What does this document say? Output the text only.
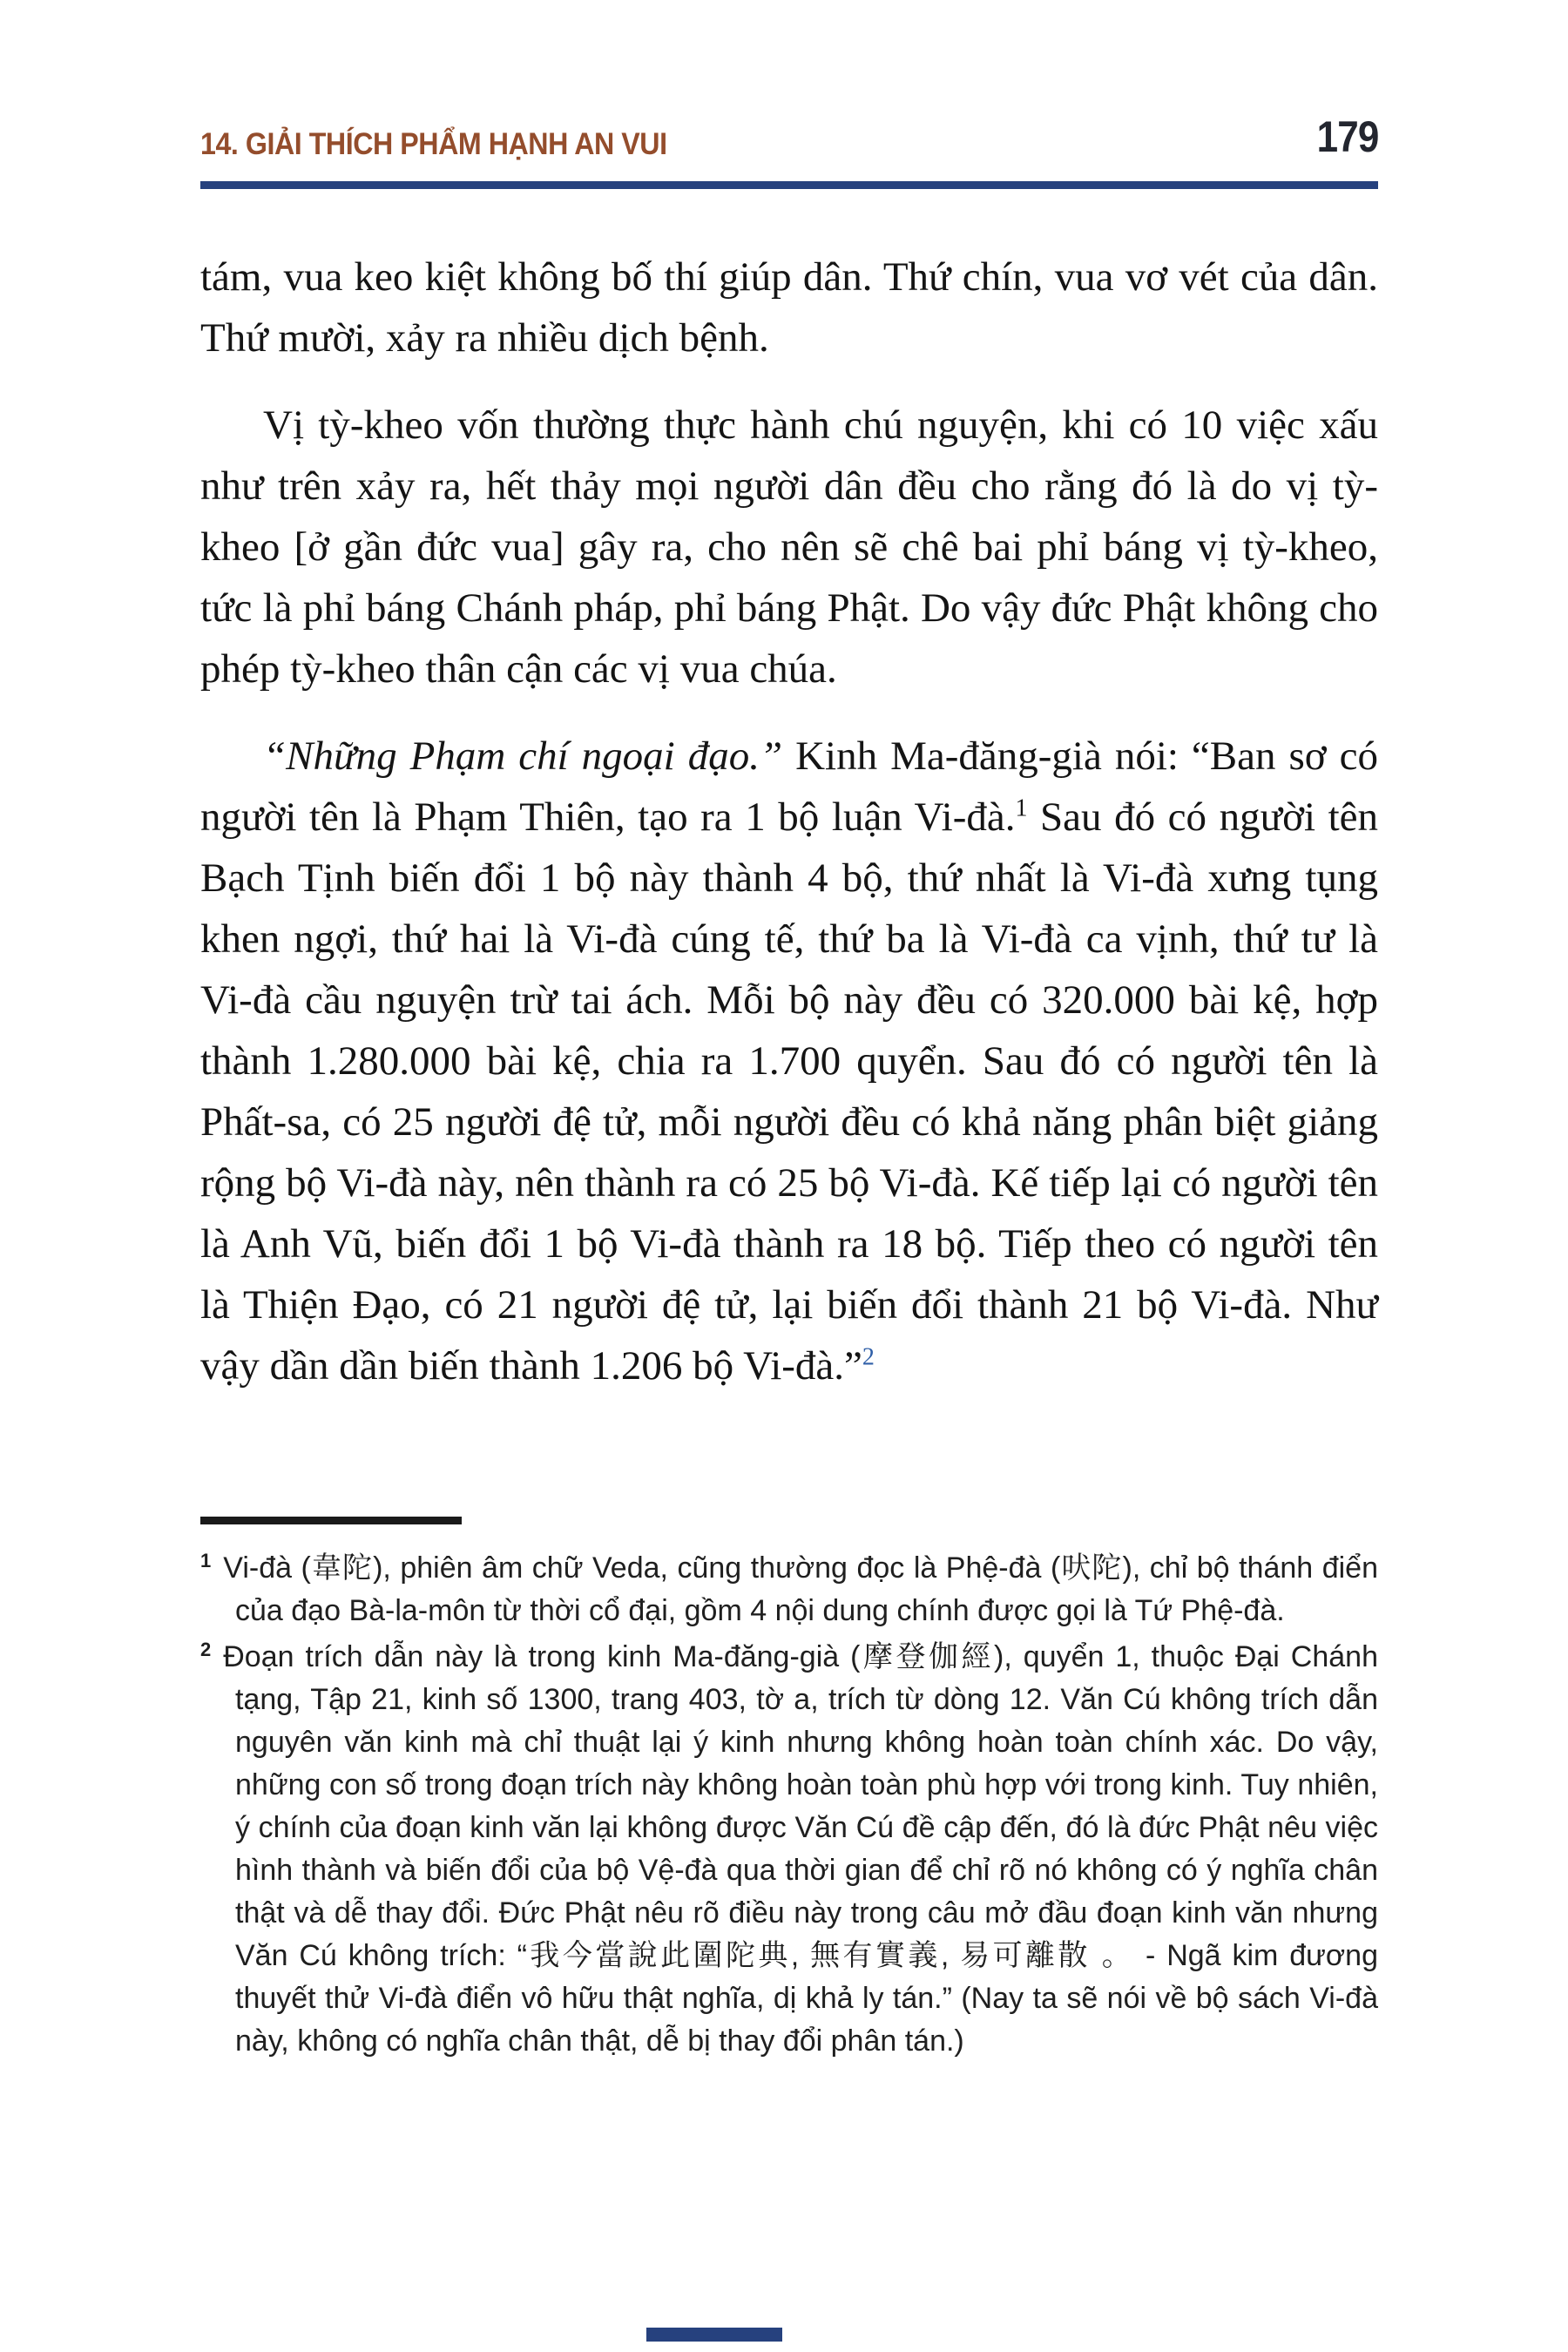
14. GIẢI THÍCH PHẨM HẠNH AN VUI	179

tám, vua keo kiệt không bố thí giúp dân. Thứ chín, vua vơ vét của dân. Thứ mười, xảy ra nhiều dịch bệnh.

Vị tỳ-kheo vốn thường thực hành chú nguyện, khi có 10 việc xấu như trên xảy ra, hết thảy mọi người dân đều cho rằng đó là do vị tỳ-kheo [ở gần đức vua] gây ra, cho nên sẽ chê bai phỉ báng vị tỳ-kheo, tức là phỉ báng Chánh pháp, phỉ báng Phật. Do vậy đức Phật không cho phép tỳ-kheo thân cận các vị vua chúa.

“Những Phạm chí ngoại đạo.” Kinh Ma-đăng-già nói: “Ban sơ có người tên là Phạm Thiên, tạo ra 1 bộ luận Vi-đà.$^1$ Sau đó có người tên Bạch Tịnh biến đổi 1 bộ này thành 4 bộ, thứ nhất là Vi-đà xưng tụng khen ngợi, thứ hai là Vi-đà cúng tế, thứ ba là Vi-đà ca vịnh, thứ tư là Vi-đà cầu nguyện trừ tai ách. Mỗi bộ này đều có 320.000 bài kệ, hợp thành 1.280.000 bài kệ, chia ra 1.700 quyển. Sau đó có người tên là Phất-sa, có 25 người đệ tử, mỗi người đều có khả năng phân biệt giảng rộng bộ Vi-đà này, nên thành ra có 25 bộ Vi-đà. Kế tiếp lại có người tên là Anh Vũ, biến đổi 1 bộ Vi-đà thành ra 18 bộ. Tiếp theo có người tên là Thiện Đạo, có 21 người đệ tử, lại biến đổi thành 21 bộ Vi-đà. Như vậy dần dần biến thành 1.206 bộ Vi-đà.”$^2$

$^1$ Vi-đà (韋陀), phiên âm chữ Veda, cũng thường đọc là Phệ-đà (吠陀), chỉ bộ thánh điển của đạo Bà-la-môn từ thời cổ đại, gồm 4 nội dung chính được gọi là Tứ Phệ-đà.

$^2$ Đoạn trích dẫn này là trong kinh Ma-đăng-già (摩登伽經), quyển 1, thuộc Đại Chánh tạng, Tập 21, kinh số 1300, trang 403, tờ a, trích từ dòng 12. Văn Cú không trích dẫn nguyên văn kinh mà chỉ thuật lại ý kinh nhưng không hoàn toàn chính xác. Do vậy, những con số trong đoạn trích này không hoàn toàn phù hợp với trong kinh. Tuy nhiên, ý chính của đoạn kinh văn lại không được Văn Cú đề cập đến, đó là đức Phật nêu việc hình thành và biến đổi của bộ Vệ-đà qua thời gian để chỉ rõ nó không có ý nghĩa chân thật và dễ thay đổi. Đức Phật nêu rõ điều này trong câu mở đầu đoạn kinh văn nhưng Văn Cú không trích: “我今當說此圍陀典, 無有實義, 易可離散 。 - Ngã kim đương thuyết thử Vi-đà điển vô hữu thật nghĩa, dị khả ly tán.” (Nay ta sẽ nói về bộ sách Vi-đà này, không có nghĩa chân thật, dễ bị thay đổi phân tán.)
